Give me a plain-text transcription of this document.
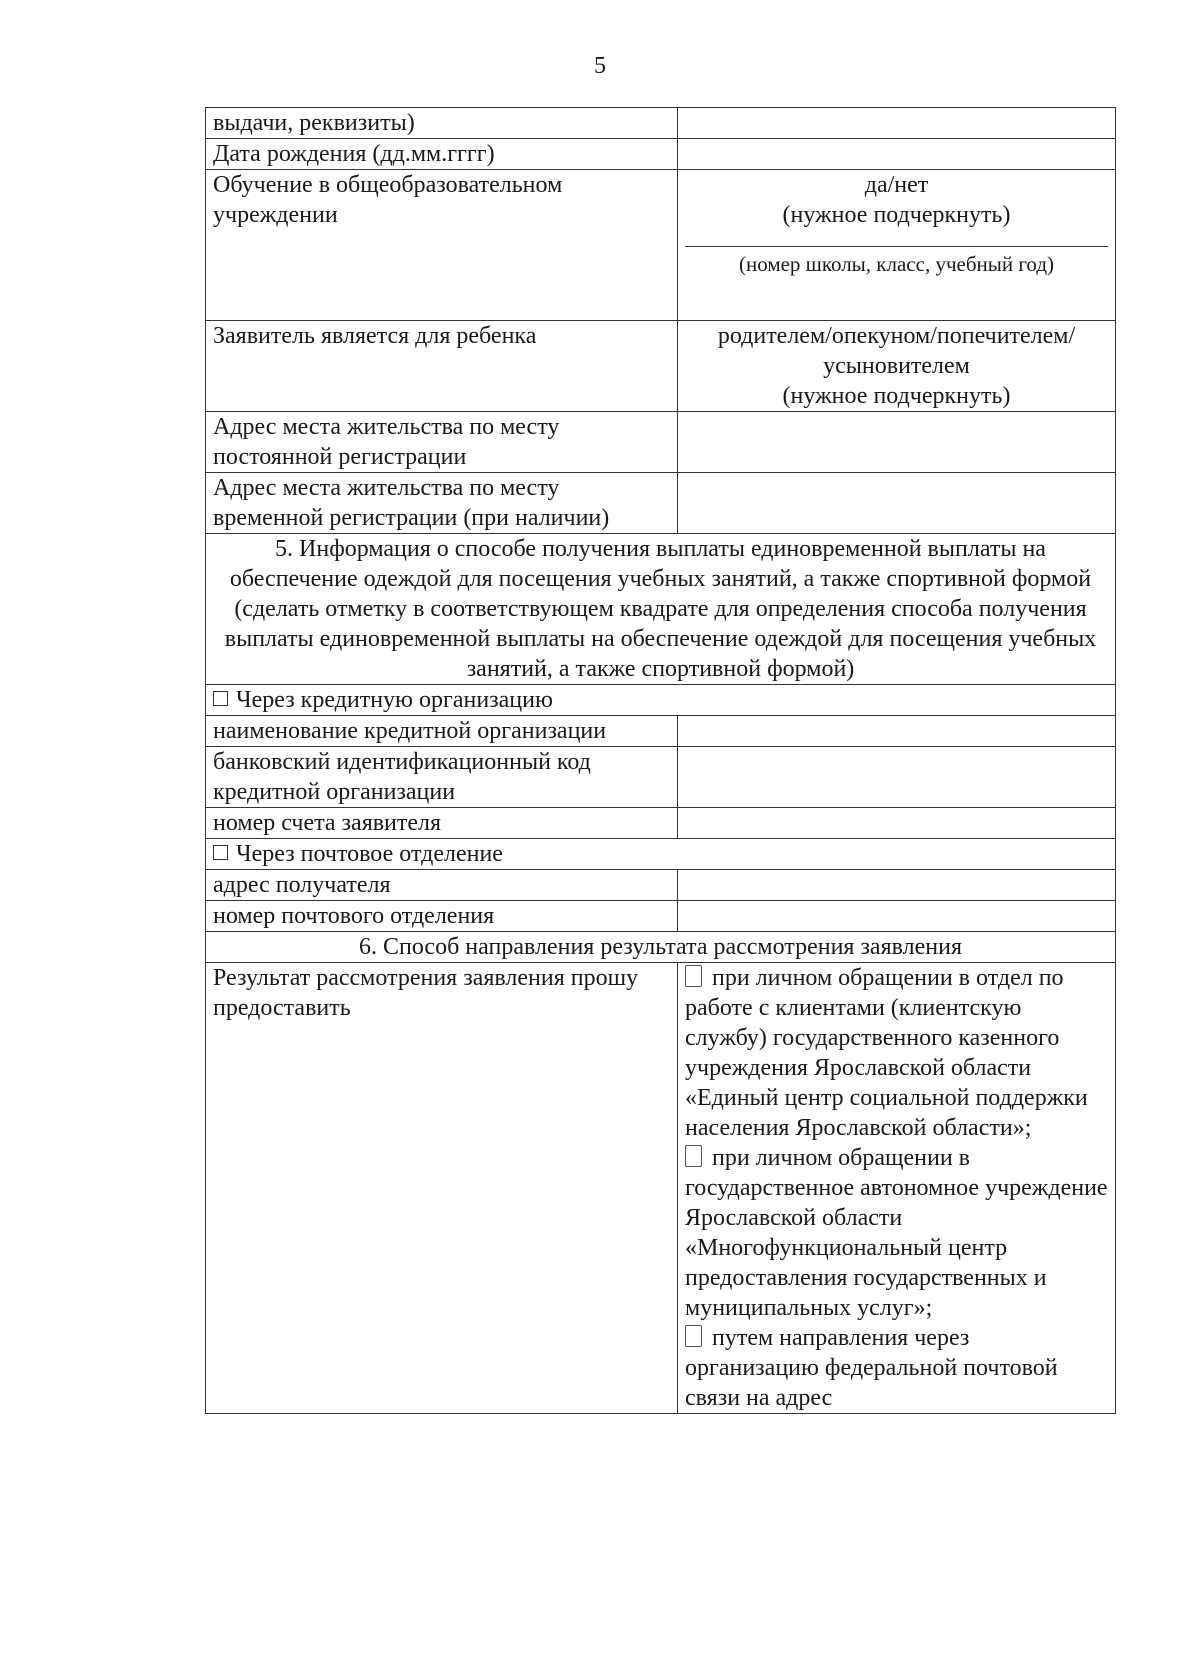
5
выдачи, реквизиты)	
Дата рождения (дд.мм.гггг)	
Обучение в общеобразовательном учреждении	да/нет
(нужное подчеркнуть)
(номер школы, класс, учебный год)

Заявитель является для ребенка	родителем/опекуном/попечителем/
усыновителем
(нужное подчеркнуть)

Адрес места жительства по месту постоянной регистрации	
Адрес места жительства по месту временной регистрации (при наличии)	
5. Информация о способе получения выплаты единовременной выплаты на обеспечение одеждой для посещения учебных занятий, а также спортивной формой (сделать отметку в соответствующем квадрате для определения способа получения выплаты единовременной выплаты на обеспечение одеждой для посещения учебных занятий, а также спортивной формой)	
Через кредитную организацию	
наименование кредитной организации	
банковский идентификационный код кредитной организации	
номер счета заявителя	
Через почтовое отделение	
адрес получателя	
номер почтового отделения	
6. Способ направления результата рассмотрения заявления	
Результат рассмотрения заявления прошу предоставить	при личном обращении в отдел по работе с клиентами (клиентскую службу) государственного казенного учреждения Ярославской области «Единый центр социальной поддержки населения Ярославской области»;
при личном обращении в государственное автономное учреждение Ярославской области «Многофункциональный центр предоставления государственных и муниципальных услуг»;
путем направления через организацию федеральной почтовой связи на адрес
